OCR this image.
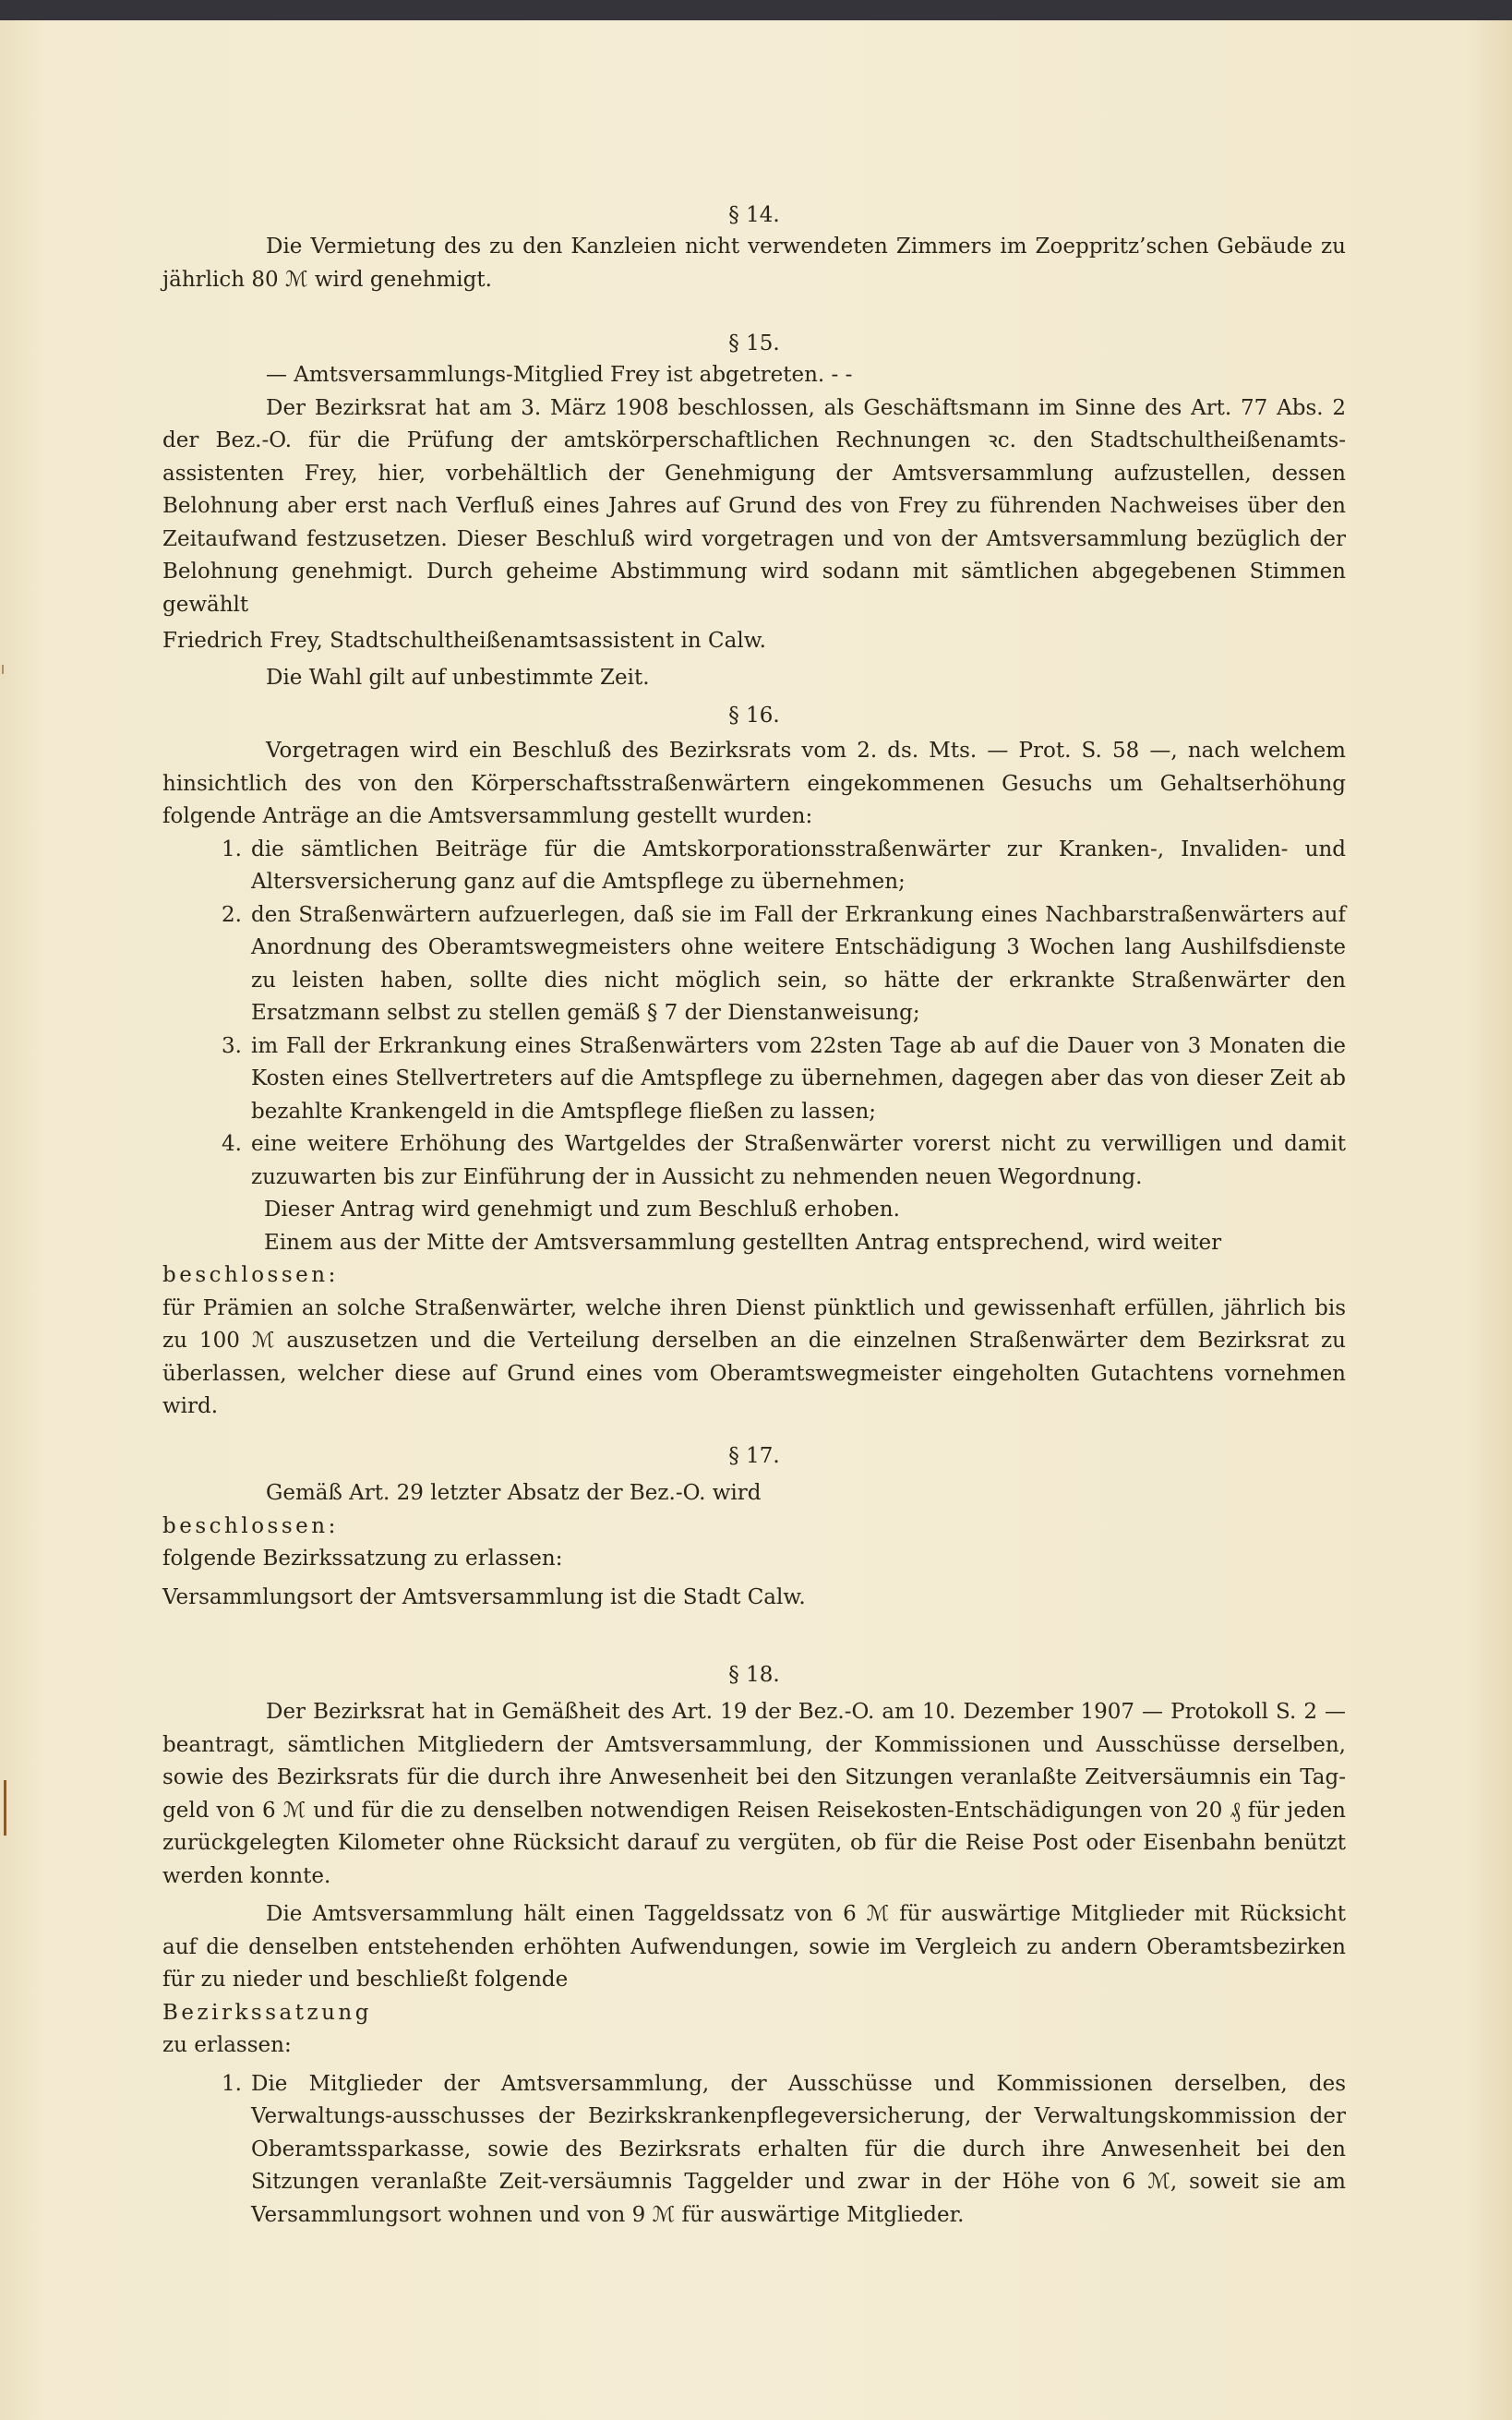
§ 14.

Die Vermietung des zu den Kanzleien nicht verwendeten Zimmers im Zoeppritz’schen Gebäude zu jährlich 80 ℳ wird genehmigt.

§ 15.

— Amtsversammlungs-Mitglied Frey ist abgetreten. - -

Der Bezirksrat hat am 3. März 1908 beschlossen, als Geschäftsmann im Sinne des Art. 77 Abs. 2 der Bez.-O. für die Prüfung der amtskörperschaftlichen Rechnungen ꝛc. den Stadtschultheißenamts-assistenten Frey, hier, vorbehältlich der Genehmigung der Amtsversammlung aufzustellen, dessen Belohnung aber erst nach Verfluß eines Jahres auf Grund des von Frey zu führenden Nachweises über den Zeitaufwand festzusetzen. Dieser Beschluß wird vorgetragen und von der Amtsversammlung bezüglich der Belohnung genehmigt. Durch geheime Abstimmung wird sodann mit sämtlichen abgegebenen Stimmen gewählt

Friedrich Frey, Stadtschultheißenamtsassistent in Calw.

Die Wahl gilt auf unbestimmte Zeit.

§ 16.

Vorgetragen wird ein Beschluß des Bezirksrats vom 2. ds. Mts. — Prot. S. 58 —, nach welchem hinsichtlich des von den Körperschaftsstraßenwärtern eingekommenen Gesuchs um Gehaltserhöhung folgende Anträge an die Amtsversammlung gestellt wurden:

1. die sämtlichen Beiträge für die Amtskorporationsstraßenwärter zur Kranken-, Invaliden- und Altersversicherung ganz auf die Amtspflege zu übernehmen;
2. den Straßenwärtern aufzuerlegen, daß sie im Fall der Erkrankung eines Nachbarstraßenwärters auf Anordnung des Oberamtswegmeisters ohne weitere Entschädigung 3 Wochen lang Aushilfsdienste zu leisten haben, sollte dies nicht möglich sein, so hätte der erkrankte Straßenwärter den Ersatzmann selbst zu stellen gemäß § 7 der Dienstanweisung;
3. im Fall der Erkrankung eines Straßenwärters vom 22sten Tage ab auf die Dauer von 3 Monaten die Kosten eines Stellvertreters auf die Amtspflege zu übernehmen, dagegen aber das von dieser Zeit ab bezahlte Krankengeld in die Amtspflege fließen zu lassen;
4. eine weitere Erhöhung des Wartgeldes der Straßenwärter vorerst nicht zu verwilligen und damit zuzuwarten bis zur Einführung der in Aussicht zu nehmenden neuen Wegordnung.

Dieser Antrag wird genehmigt und zum Beschluß erhoben.

Einem aus der Mitte der Amtsversammlung gestellten Antrag entsprechend, wird weiter

beschlossen:

für Prämien an solche Straßenwärter, welche ihren Dienst pünktlich und gewissenhaft erfüllen, jährlich bis zu 100 ℳ auszusetzen und die Verteilung derselben an die einzelnen Straßenwärter dem Bezirksrat zu überlassen, welcher diese auf Grund eines vom Oberamtswegmeister eingeholten Gutachtens vornehmen wird.

§ 17.

Gemäß Art. 29 letzter Absatz der Bez.-O. wird

beschlossen:

folgende Bezirkssatzung zu erlassen:

Versammlungsort der Amtsversammlung ist die Stadt Calw.

§ 18.

Der Bezirksrat hat in Gemäßheit des Art. 19 der Bez.-O. am 10. Dezember 1907 — Protokoll S. 2 — beantragt, sämtlichen Mitgliedern der Amtsversammlung, der Kommissionen und Ausschüsse derselben, sowie des Bezirksrats für die durch ihre Anwesenheit bei den Sitzungen veranlaßte Zeitversäumnis ein Tag-geld von 6 ℳ und für die zu denselben notwendigen Reisen Reisekosten-Entschädigungen von 20 ₰ für jeden zurückgelegten Kilometer ohne Rücksicht darauf zu vergüten, ob für die Reise Post oder Eisenbahn benützt werden konnte.

Die Amtsversammlung hält einen Taggeldssatz von 6 ℳ für auswärtige Mitglieder mit Rücksicht auf die denselben entstehenden erhöhten Aufwendungen, sowie im Vergleich zu andern Oberamtsbezirken für zu nieder und beschließt folgende

Bezirkssatzung

zu erlassen:

1. Die Mitglieder der Amtsversammlung, der Ausschüsse und Kommissionen derselben, des Verwaltungs-ausschusses der Bezirkskrankenpflegeversicherung, der Verwaltungskommission der Oberamtssparkasse, sowie des Bezirksrats erhalten für die durch ihre Anwesenheit bei den Sitzungen veranlaßte Zeit-versäumnis Taggelder und zwar in der Höhe von 6 ℳ, soweit sie am Versammlungsort wohnen und von 9 ℳ für auswärtige Mitglieder.
